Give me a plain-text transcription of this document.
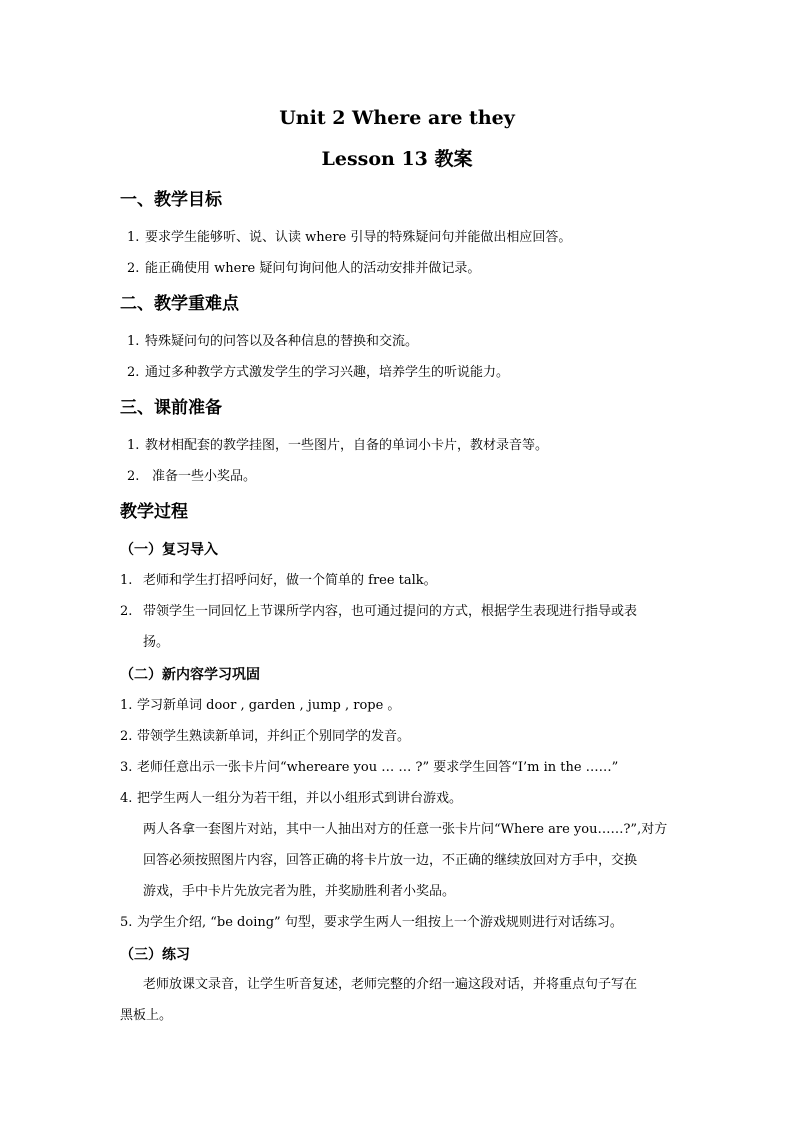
Unit 2 Where are they
Lesson 13 教案
一、教学目标
1. 要求学生能够听、说、认读 where 引导的特殊疑问句并能做出相应回答。
2. 能正确使用 where 疑问句询问他人的活动安排并做记录。
二、教学重难点
1. 特殊疑问句的问答以及各种信息的替换和交流。
2. 通过多种教学方式激发学生的学习兴趣，培养学生的听说能力。
三、课前准备
1. 教材相配套的教学挂图，一些图片，自备的单词小卡片，教材录音等。
2. 准备一些小奖品。
教学过程
（一）复习导入
1. 老师和学生打招呼问好，做一个简单的 free talk。
2. 带领学生一同回忆上节课所学内容，也可通过提问的方式，根据学生表现进行指导或表
扬。
（二）新内容学习巩固
1. 学习新单词 door , garden , jump , rope 。
2. 带领学生熟读新单词，并纠正个别同学的发音。
3. 老师任意出示一张卡片问“whereare you … … ?” 要求学生回答“I’m in the ……”
4. 把学生两人一组分为若干组，并以小组形式到讲台游戏。
两人各拿一套图片对站，其中一人抽出对方的任意一张卡片问“Where are you……?”,对方
回答必须按照图片内容，回答正确的将卡片放一边，不正确的继续放回对方手中，交换
游戏，手中卡片先放完者为胜，并奖励胜利者小奖品。
5. 为学生介绍, “be doing” 句型，要求学生两人一组按上一个游戏规则进行对话练习。
（三）练习
老师放课文录音，让学生听音复述，老师完整的介绍一遍这段对话，并将重点句子写在
黑板上。
